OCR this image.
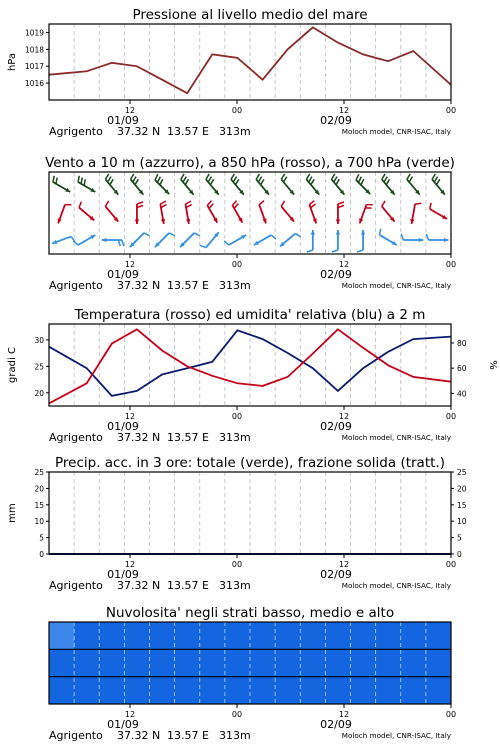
Pressione al livello medio del mare
12	00	12	00
01/09	02/09
Agrigento 37.32 N 13.57 E 313m	Moloch model, CNR-ISAC, Italy
1016
1017
1018
1019
hPa
Vento a 10 m (azzurro), a 850 hPa (rosso), a 700 hPa (verde)
12	00	12	00
01/09	02/09
Agrigento 37.32 N 13.57 E 313m	Moloch model, CNR-ISAC, Italy
Temperatura (rosso) ed umidita' relativa (blu) a 2 m
12	00	12	00
01/09	02/09
Agrigento 37.32 N 13.57 E 313m	Moloch model, CNR-ISAC, Italy
20
25
30
40
60
80
gradi C	%
Precip. acc. in 3 ore: totale (verde), frazione solida (tratt.)
12	00	12	00
01/09	02/09
Agrigento 37.32 N 13.57 E 313m	Moloch model, CNR-ISAC, Italy
0	0
5	5
10	10
15	15
20	20
25	25
mm
Nuvolosita' negli strati basso, medio e alto
12	00	12	00
01/09	02/09
Agrigento 37.32 N 13.57 E 313m	Moloch model, CNR-ISAC, Italy
